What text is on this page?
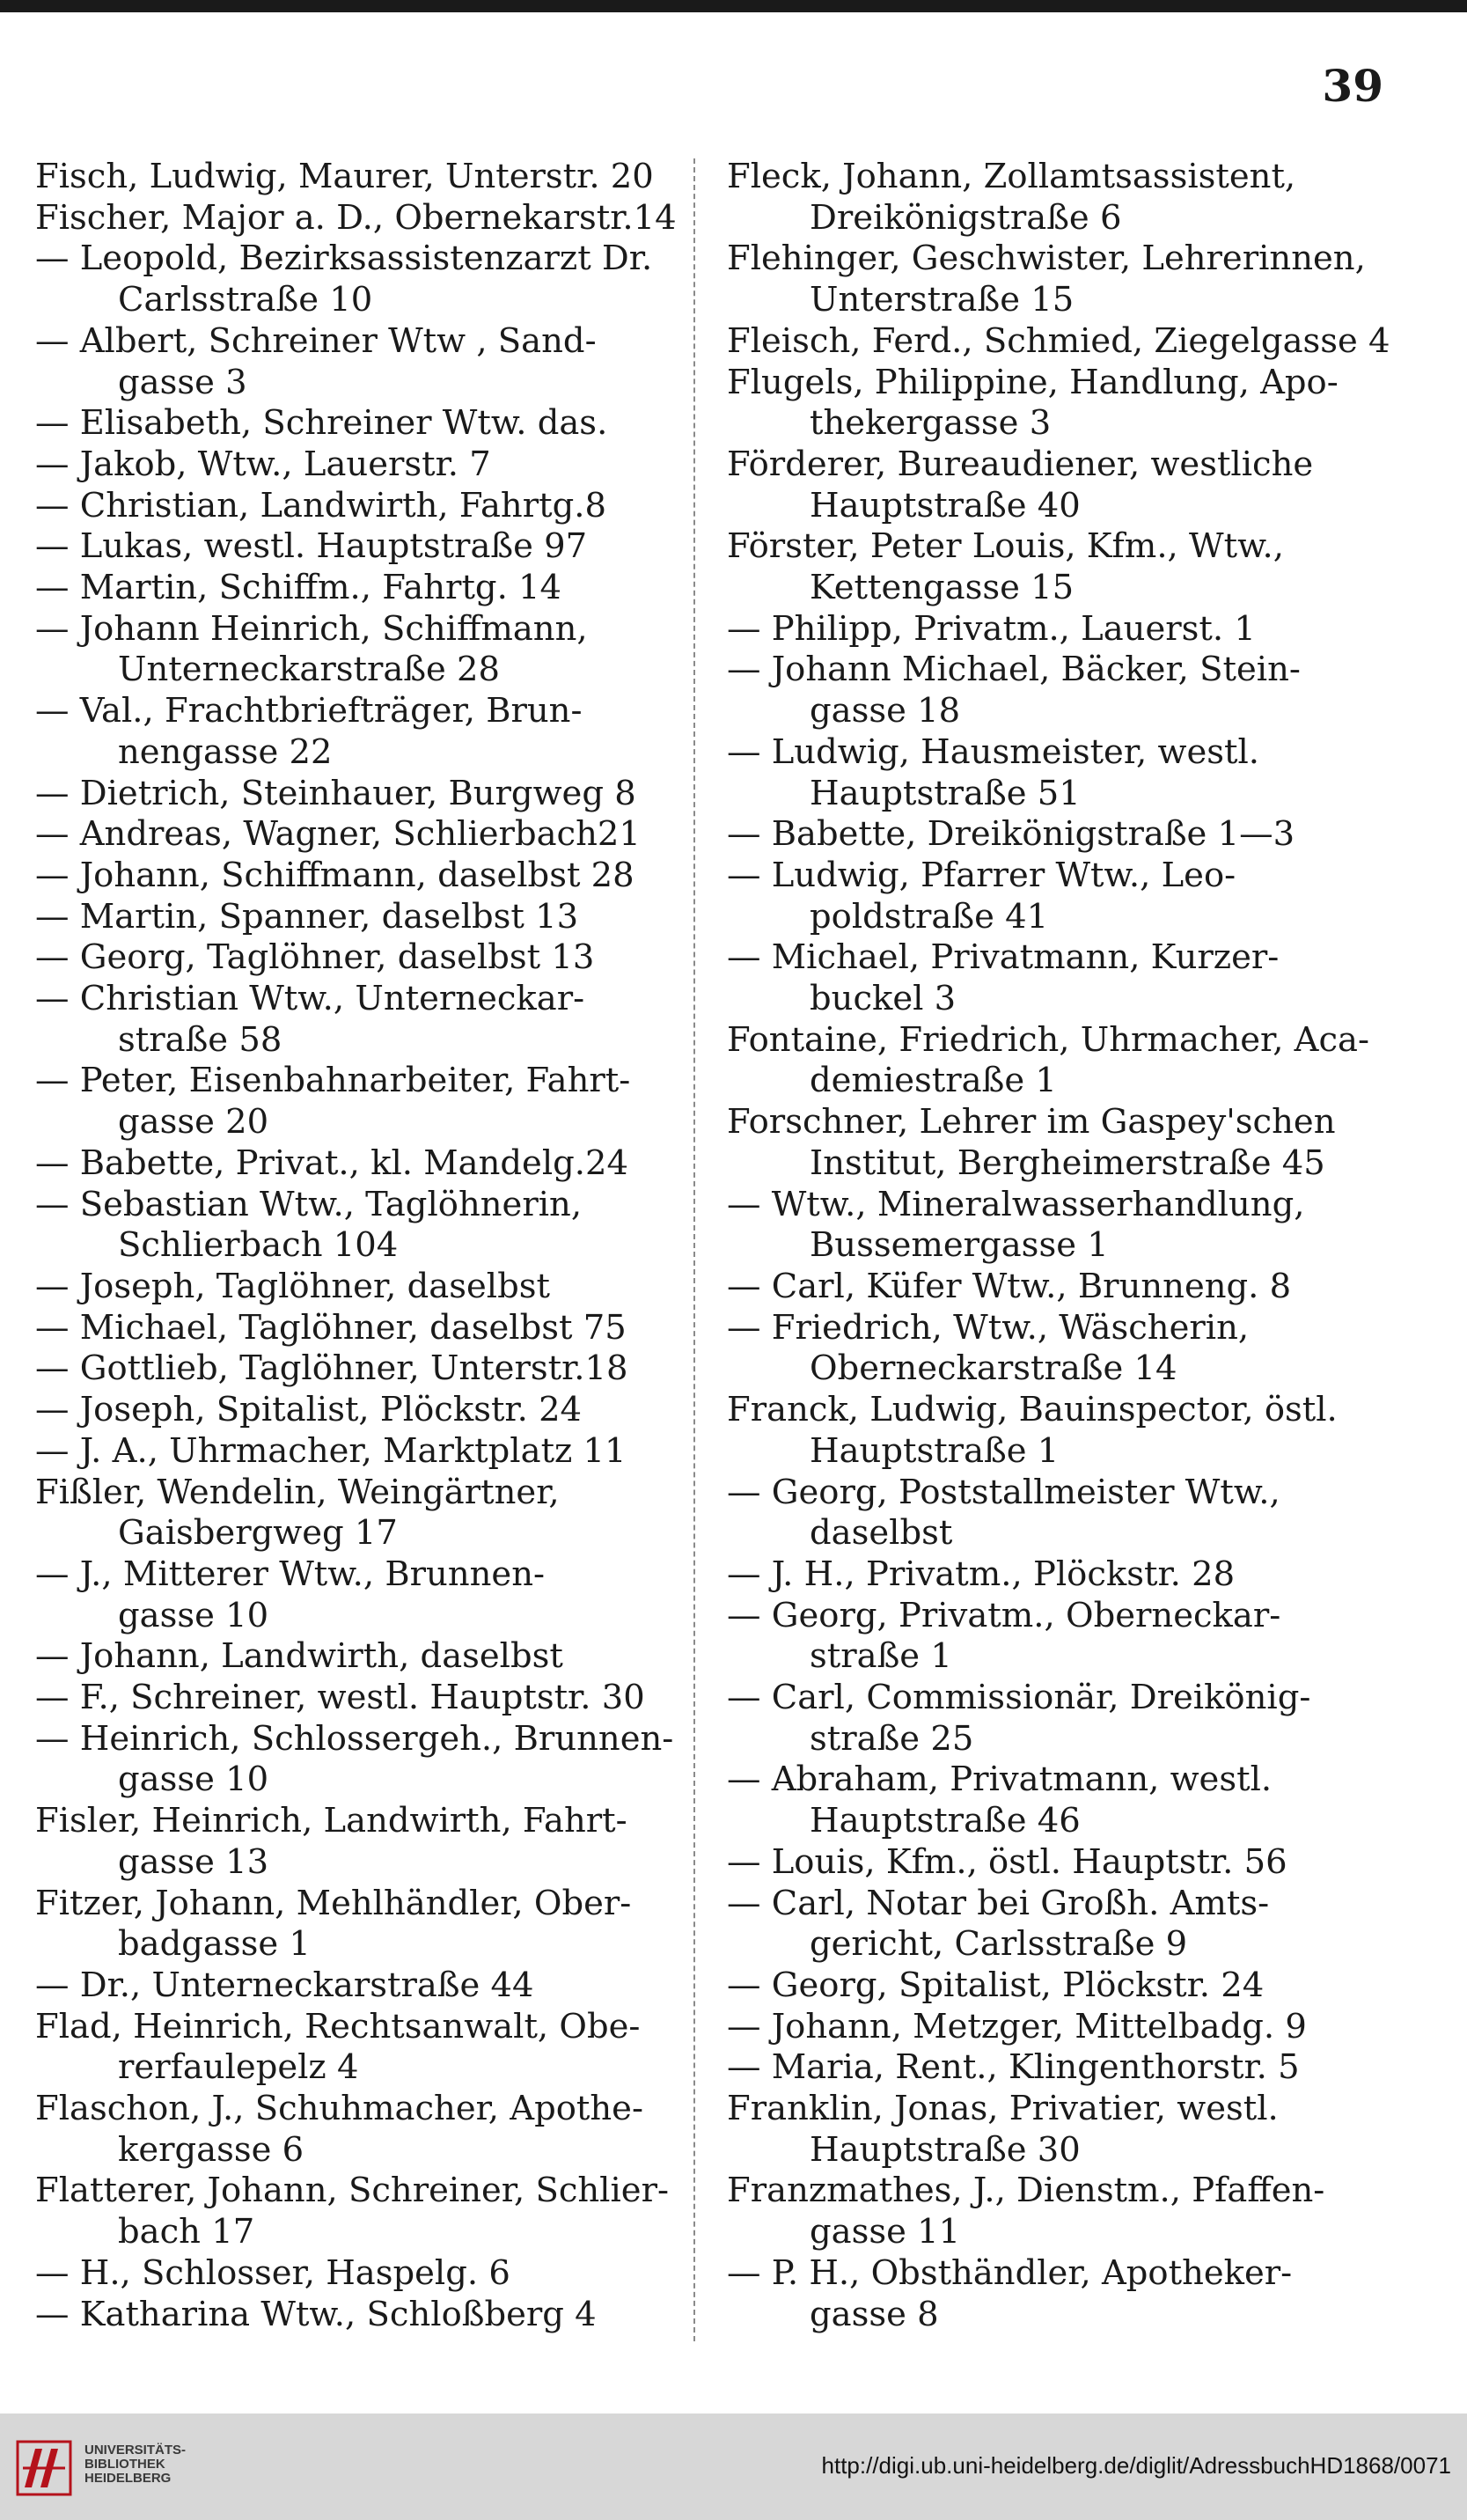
39
Fisch, Ludwig, Maurer, Unterstr. 20
Fischer, Major a. D., Obernekarstr.14
— Leopold, Bezirksassistenzarzt Dr.
Carlsstraße 10
— Albert, Schreiner Wtw , Sand-
gasse 3
— Elisabeth, Schreiner Wtw. das.
— Jakob, Wtw., Lauerstr. 7
— Christian, Landwirth, Fahrtg.8
— Lukas, westl. Hauptstraße 97
— Martin, Schiffm., Fahrtg. 14
— Johann Heinrich, Schiffmann,
Unterneckarstraße 28
— Val., Frachtbriefträger, Brun-
nengasse 22
— Dietrich, Steinhauer, Burgweg 8
— Andreas, Wagner, Schlierbach21
— Johann, Schiffmann, daselbst 28
— Martin, Spanner, daselbst 13
— Georg, Taglöhner, daselbst 13
— Christian Wtw., Unterneckar-
straße 58
— Peter, Eisenbahnarbeiter, Fahrt-
gasse 20
— Babette, Privat., kl. Mandelg.24
— Sebastian Wtw., Taglöhnerin,
Schlierbach 104
— Joseph, Taglöhner, daselbst
— Michael, Taglöhner, daselbst 75
— Gottlieb, Taglöhner, Unterstr.18
— Joseph, Spitalist, Plöckstr. 24
— J. A., Uhrmacher, Marktplatz 11
Fißler, Wendelin, Weingärtner,
Gaisbergweg 17
— J., Mitterer Wtw., Brunnen-
gasse 10
— Johann, Landwirth, daselbst
— F., Schreiner, westl. Hauptstr. 30
— Heinrich, Schlossergeh., Brunnen-
gasse 10
Fisler, Heinrich, Landwirth, Fahrt-
gasse 13
Fitzer, Johann, Mehlhändler, Ober-
badgasse 1
— Dr., Unterneckarstraße 44
Flad, Heinrich, Rechtsanwalt, Obe-
rerfaulepelz 4
Flaschon, J., Schuhmacher, Apothe-
kergasse 6
Flatterer, Johann, Schreiner, Schlier-
bach 17
— H., Schlosser, Haspelg. 6
— Katharina Wtw., Schloßberg 4
Fleck, Johann, Zollamtsassistent,
Dreikönigstraße 6
Flehinger, Geschwister, Lehrerinnen,
Unterstraße 15
Fleisch, Ferd., Schmied, Ziegelgasse 4
Flugels, Philippine, Handlung, Apo-
thekergasse 3
Förderer, Bureaudiener, westliche
Hauptstraße 40
Förster, Peter Louis, Kfm., Wtw.,
Kettengasse 15
— Philipp, Privatm., Lauerst. 1
— Johann Michael, Bäcker, Stein-
gasse 18
— Ludwig, Hausmeister, westl.
Hauptstraße 51
— Babette, Dreikönigstraße 1—3
— Ludwig, Pfarrer Wtw., Leo-
poldstraße 41
— Michael, Privatmann, Kurzer-
buckel 3
Fontaine, Friedrich, Uhrmacher, Aca-
demiestraße 1
Forschner, Lehrer im Gaspey'schen
Institut, Bergheimerstraße 45
— Wtw., Mineralwasserhandlung,
Bussemergasse 1
— Carl, Küfer Wtw., Brunneng. 8
— Friedrich, Wtw., Wäscherin,
Oberneckarstraße 14
Franck, Ludwig, Bauinspector, östl.
Hauptstraße 1
— Georg, Poststallmeister Wtw.,
daselbst
— J. H., Privatm., Plöckstr. 28
— Georg, Privatm., Oberneckar-
straße 1
— Carl, Commissionär, Dreikönig-
straße 25
— Abraham, Privatmann, westl.
Hauptstraße 46
— Louis, Kfm., östl. Hauptstr. 56
— Carl, Notar bei Großh. Amts-
gericht, Carlsstraße 9
— Georg, Spitalist, Plöckstr. 24
— Johann, Metzger, Mittelbadg. 9
— Maria, Rent., Klingenthorstr. 5
Franklin, Jonas, Privatier, westl.
Hauptstraße 30
Franzmathes, J., Dienstm., Pfaffen-
gasse 11
— P. H., Obsthändler, Apotheker-
gasse 8
UNIVERSITÄTS-
BIBLIOTHEK
HEIDELBERG	http://digi.ub.uni-heidelberg.de/diglit/AdressbuchHD1868/0071
